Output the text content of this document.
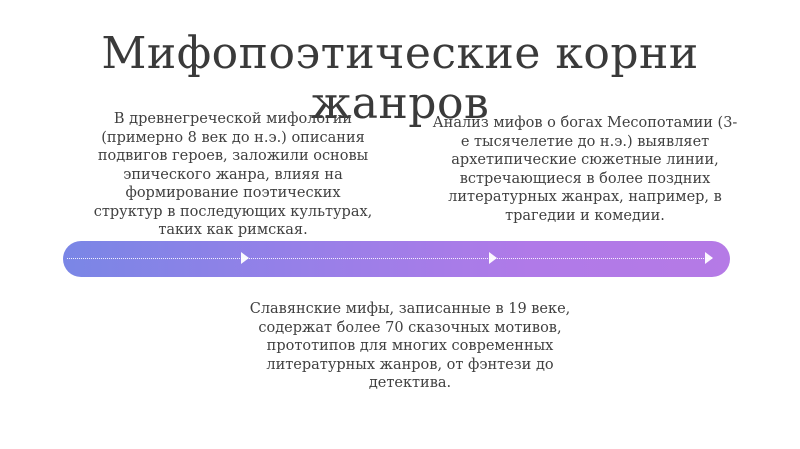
Мифопоэтические корни
жанров
В древнегреческой мифологии
(примерно 8 век до н.э.) описания
подвигов героев, заложили основы
эпического жанра, влияя на
формирование поэтических
структур в последующих культурах,
таких как римская.
Анализ мифов о богах Месопотамии (3-
е тысячелетие до н.э.) выявляет
архетипические сюжетные линии,
встречающиеся в более поздних
литературных жанрах, например, в
трагедии и комедии.
Славянские мифы, записанные в 19 веке,
содержат более 70 сказочных мотивов,
прототипов для многих современных
литературных жанров, от фэнтези до
детектива.
